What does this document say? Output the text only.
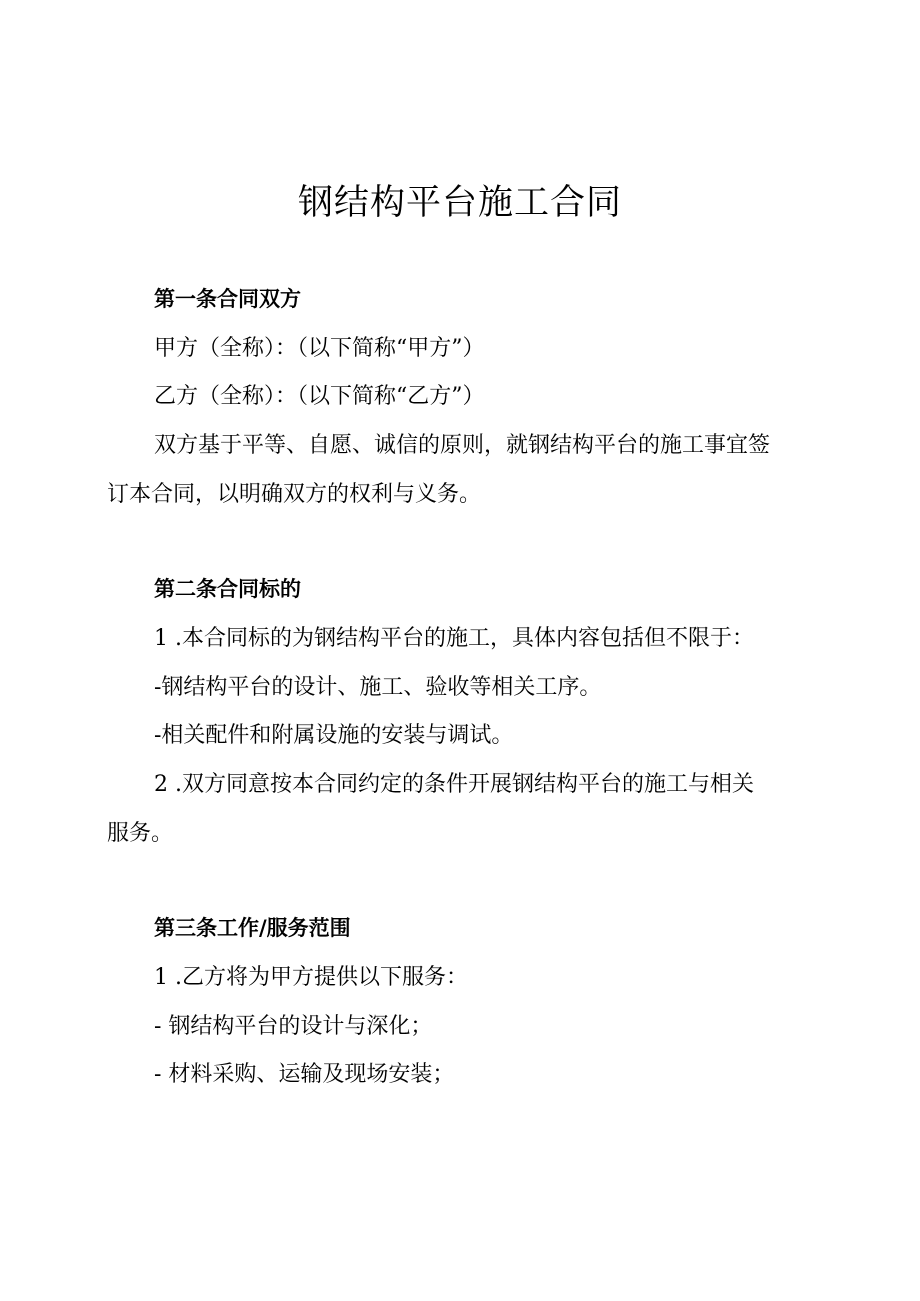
钢结构平台施工合同
第一条合同双方

甲方（全称）：（以下简称“甲方”）

乙方（全称）：（以下简称“乙方”）

双方基于平等、自愿、诚信的原则，就钢结构平台的施工事宜签

订本合同，以明确双方的权利与义务。

第二条合同标的

1 .本合同标的为钢结构平台的施工，具体内容包括但不限于：

-钢结构平台的设计、施工、验收等相关工序。

-相关配件和附属设施的安装与调试。

2 .双方同意按本合同约定的条件开展钢结构平台的施工与相关

服务。

第三条工作/服务范围

1 .乙方将为甲方提供以下服务：

- 钢结构平台的设计与深化；

- 材料采购、运输及现场安装；
